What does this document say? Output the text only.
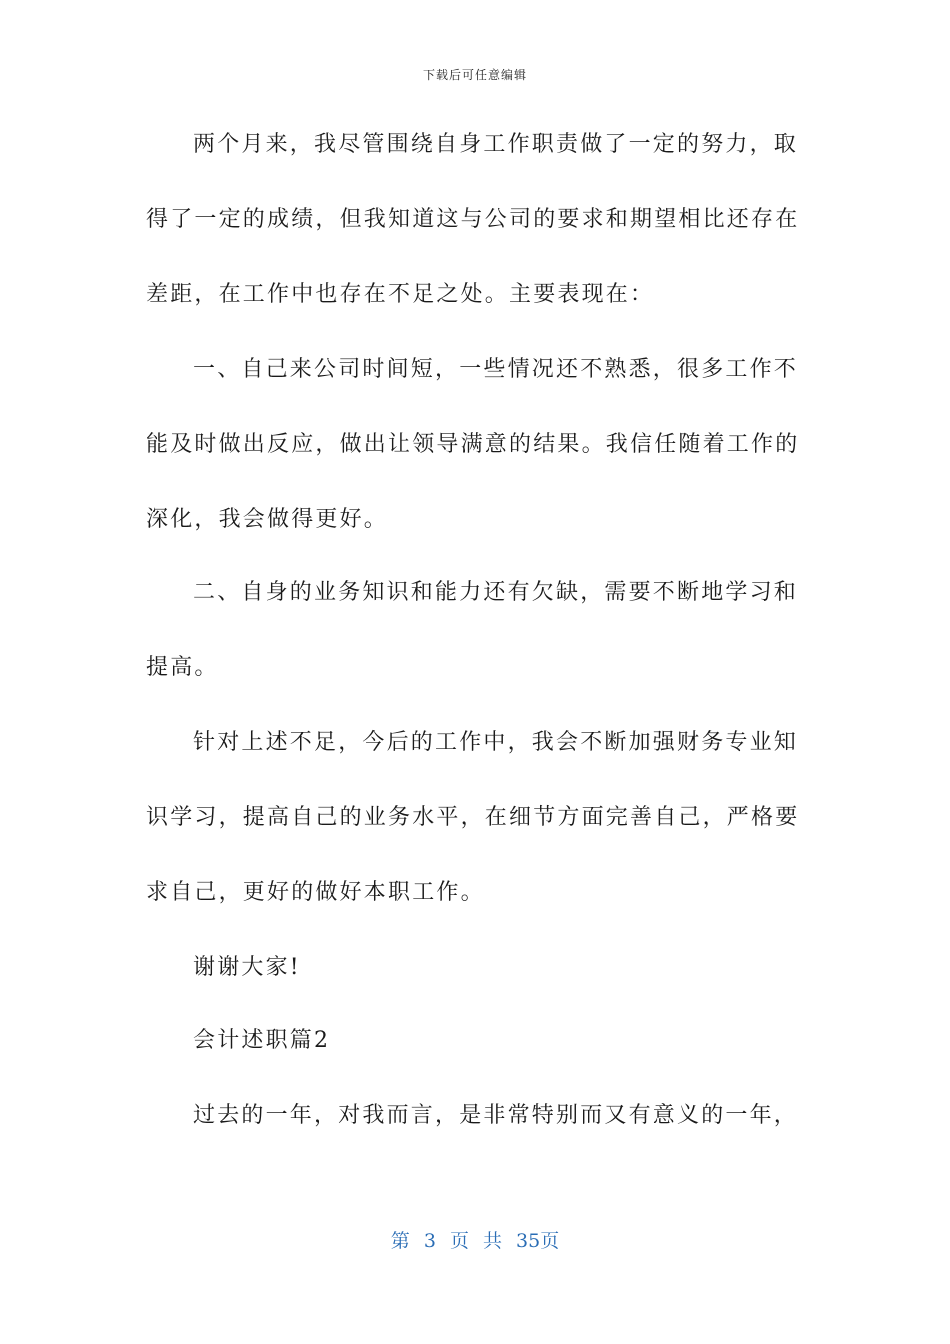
下载后可任意编辑
两个月来，我尽管围绕自身工作职责做了一定的努力，取
得了一定的成绩，但我知道这与公司的要求和期望相比还存在
差距，在工作中也存在不足之处。主要表现在：
一、自己来公司时间短，一些情况还不熟悉，很多工作不
能及时做出反应，做出让领导满意的结果。我信任随着工作的
深化，我会做得更好。
二、自身的业务知识和能力还有欠缺，需要不断地学习和
提高。
针对上述不足，今后的工作中，我会不断加强财务专业知
识学习，提高自己的业务水平，在细节方面完善自己，严格要
求自己，更好的做好本职工作。
谢谢大家!
会计述职篇2
过去的一年，对我而言，是非常特别而又有意义的一年，
第 3 页 共 35页
